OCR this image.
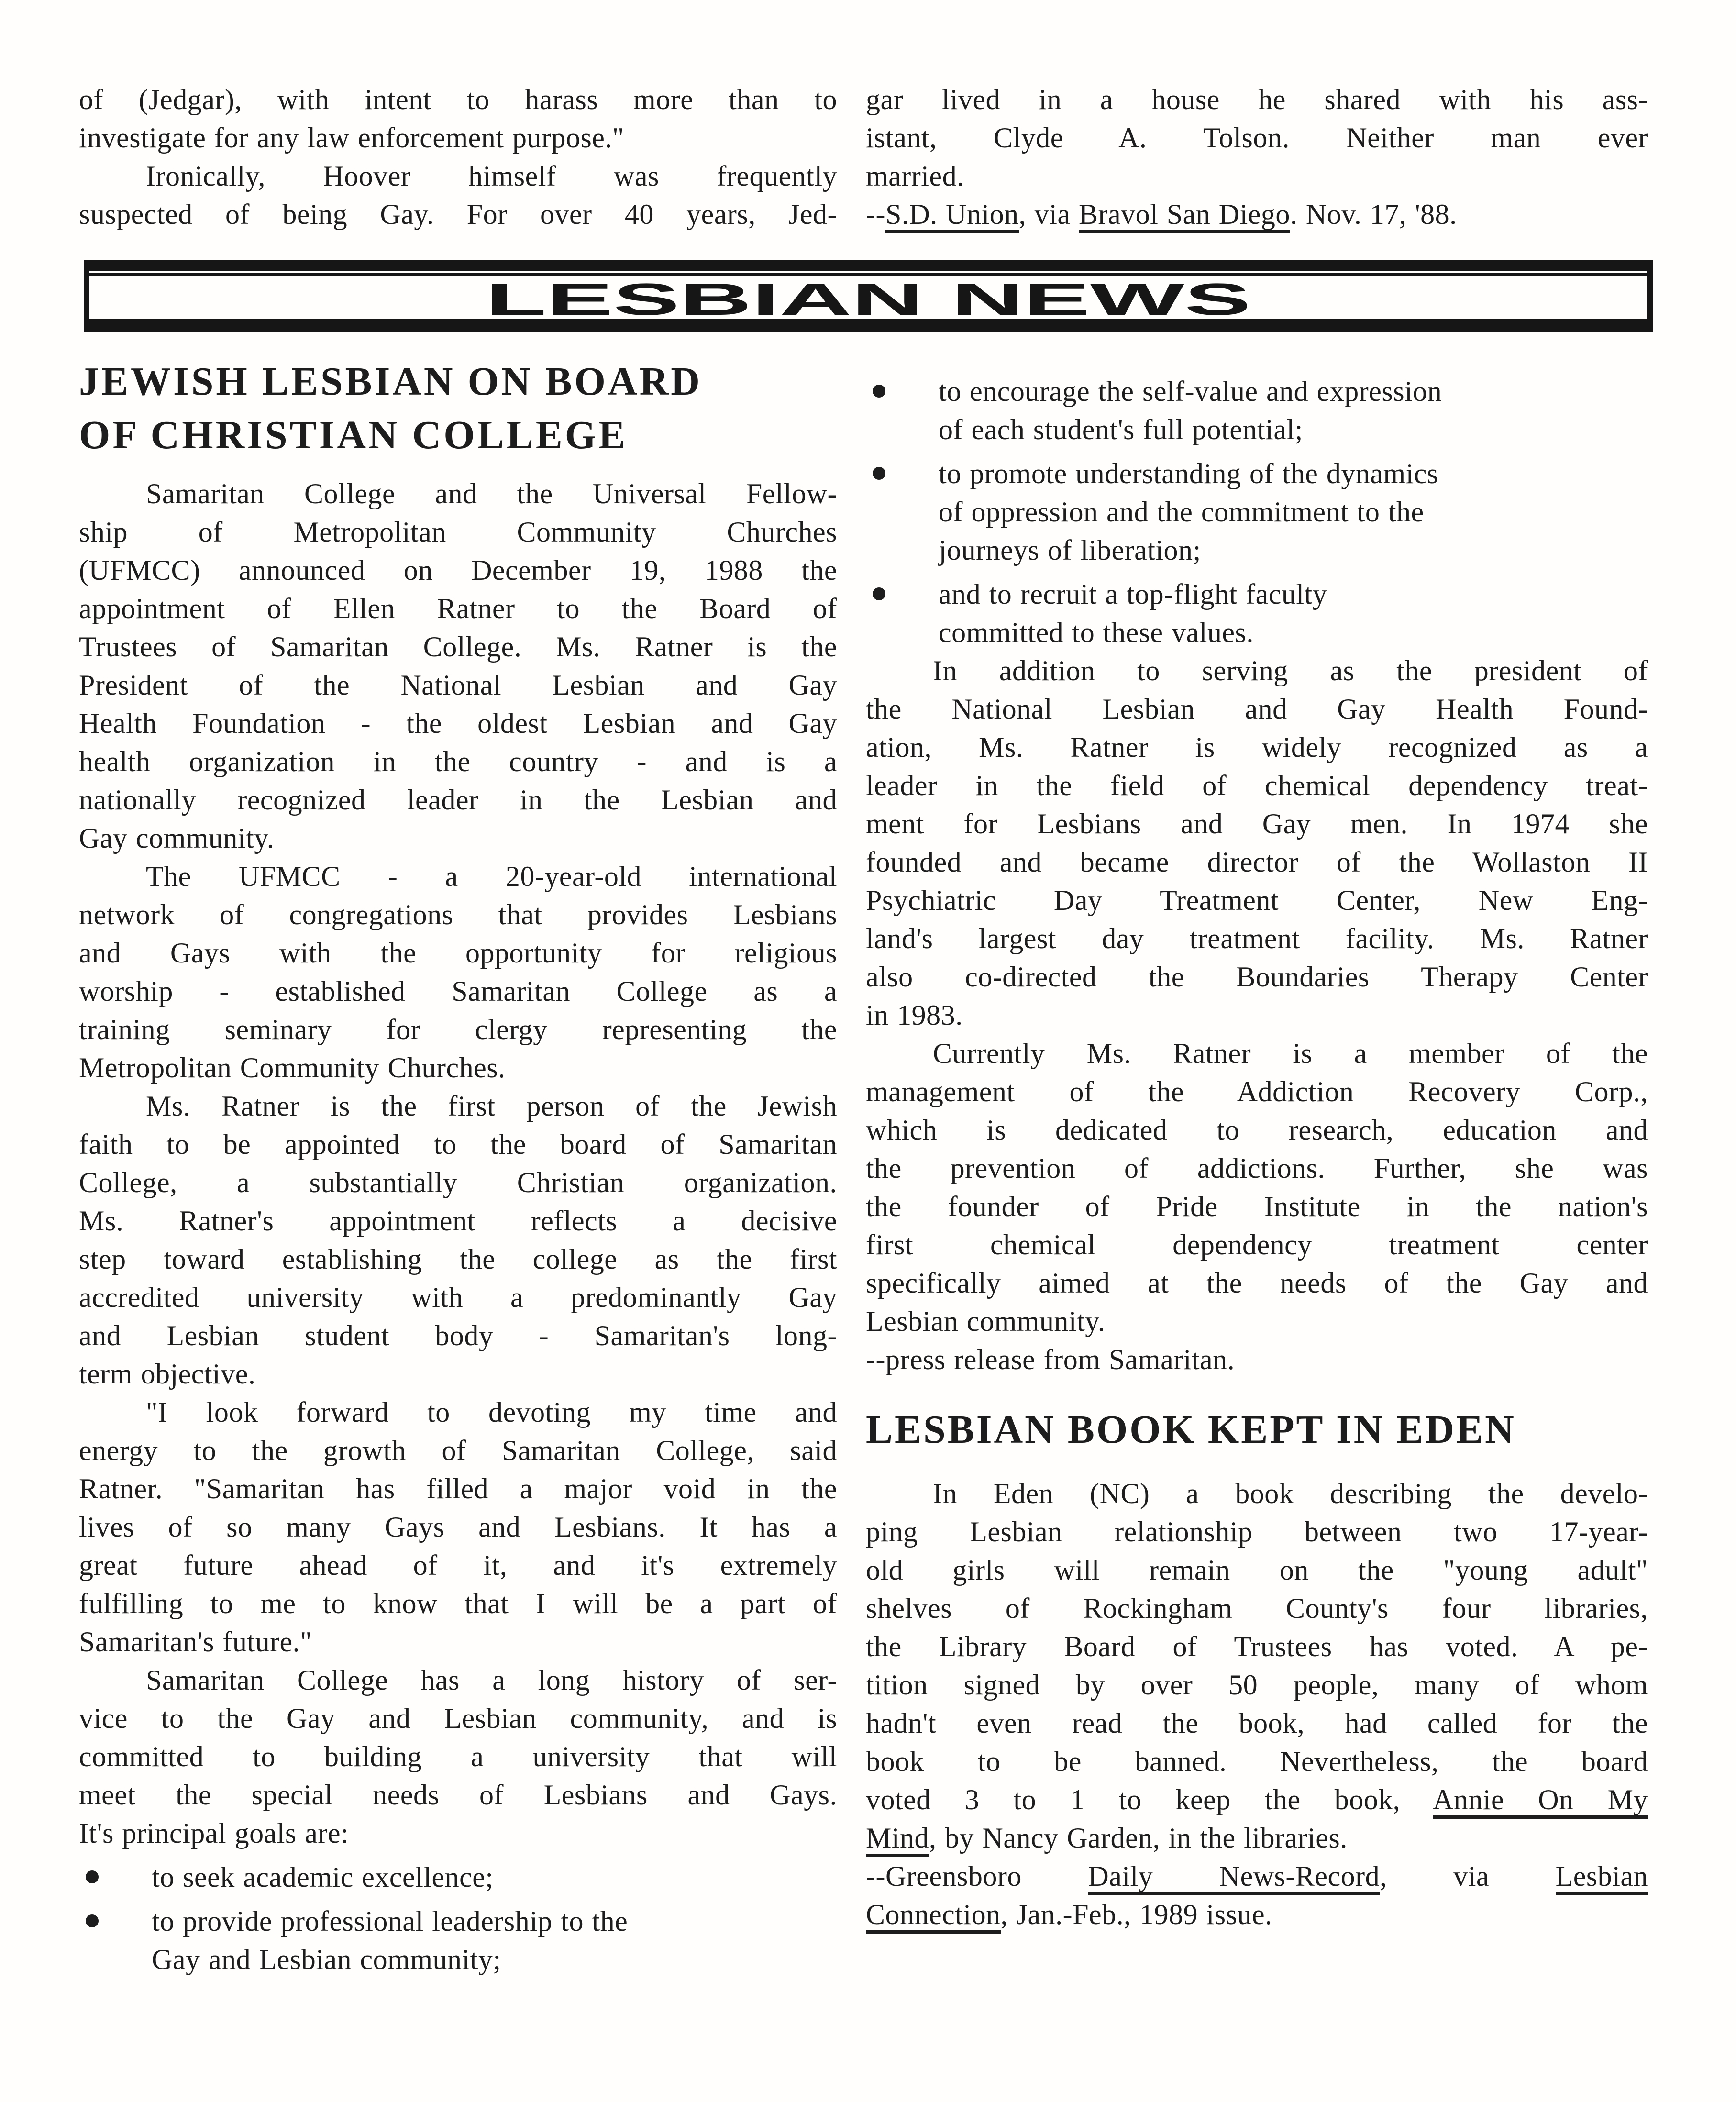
of (Jedgar), with intent to harass more than to
investigate for any law enforcement purpose."
Ironically, Hoover himself was frequently
suspected of being Gay. For over 40 years, Jed-
gar lived in a house he shared with his ass-
istant, Clyde A. Tolson. Neither man ever
married.
--S.D. Union, via Bravol San Diego. Nov. 17, '88.
LESBIAN NEWS
JEWISH LESBIAN ON BOARD
OF CHRISTIAN COLLEGE
Samaritan College and the Universal Fellow-
ship of Metropolitan Community Churches
(UFMCC) announced on December 19, 1988 the
appointment of Ellen Ratner to the Board of
Trustees of Samaritan College. Ms. Ratner is the
President of the National Lesbian and Gay
Health Foundation - the oldest Lesbian and Gay
health organization in the country - and is a
nationally recognized leader in the Lesbian and
Gay community.
The UFMCC - a 20-year-old international
network of congregations that provides Lesbians
and Gays with the opportunity for religious
worship - established Samaritan College as a
training seminary for clergy representing the
Metropolitan Community Churches.
Ms. Ratner is the first person of the Jewish
faith to be appointed to the board of Samaritan
College, a substantially Christian organization.
Ms. Ratner's appointment reflects a decisive
step toward establishing the college as the first
accredited university with a predominantly Gay
and Lesbian student body - Samaritan's long-
term objective.
"I look forward to devoting my time and
energy to the growth of Samaritan College, said
Ratner. "Samaritan has filled a major void in the
lives of so many Gays and Lesbians. It has a
great future ahead of it, and it's extremely
fulfilling to me to know that I will be a part of
Samaritan's future."
Samaritan College has a long history of ser-
vice to the Gay and Lesbian community, and is
committed to building a university that will
meet the special needs of Lesbians and Gays.
It's principal goals are:
to seek academic excellence;
to provide professional leadership to the
Gay and Lesbian community;
to encourage the self-value and expression
of each student's full potential;
to promote understanding of the dynamics
of oppression and the commitment to the
journeys of liberation;
and to recruit a top-flight faculty
committed to these values.
In addition to serving as the president of
the National Lesbian and Gay Health Found-
ation, Ms. Ratner is widely recognized as a
leader in the field of chemical dependency treat-
ment for Lesbians and Gay men. In 1974 she
founded and became director of the Wollaston II
Psychiatric Day Treatment Center, New Eng-
land's largest day treatment facility. Ms. Ratner
also co-directed the Boundaries Therapy Center
in 1983.
Currently Ms. Ratner is a member of the
management of the Addiction Recovery Corp.,
which is dedicated to research, education and
the prevention of addictions. Further, she was
the founder of Pride Institute in the nation's
first chemical dependency treatment center
specifically aimed at the needs of the Gay and
Lesbian community.
--press release from Samaritan.
LESBIAN BOOK KEPT IN EDEN
In Eden (NC) a book describing the develo-
ping Lesbian relationship between two 17-year-
old girls will remain on the "young adult"
shelves of Rockingham County's four libraries,
the Library Board of Trustees has voted. A pe-
tition signed by over 50 people, many of whom
hadn't even read the book, had called for the
book to be banned. Nevertheless, the board
voted 3 to 1 to keep the book, Annie On My
Mind, by Nancy Garden, in the libraries.
--Greensboro Daily News-Record, via Lesbian
Connection, Jan.-Feb., 1989 issue.
